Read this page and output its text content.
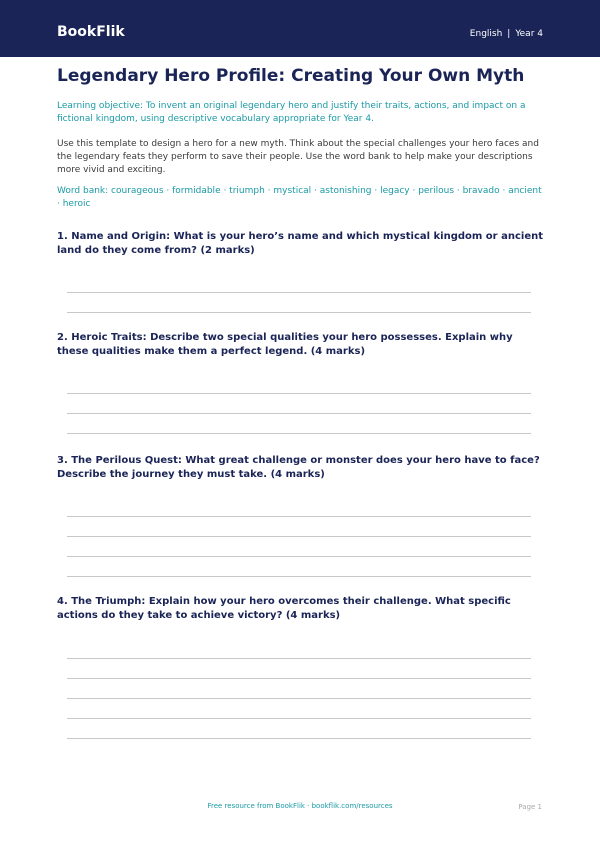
BookFlik	English | Year 4
Legendary Hero Profile: Creating Your Own Myth
Learning objective: To invent an original legendary hero and justify their traits, actions, and impact on a fictional kingdom, using descriptive vocabulary appropriate for Year 4.
Use this template to design a hero for a new myth. Think about the special challenges your hero faces and the legendary feats they perform to save their people. Use the word bank to help make your descriptions more vivid and exciting.
Word bank: courageous · formidable · triumph · mystical · astonishing · legacy · perilous · bravado · ancient · heroic
1. Name and Origin: What is your hero’s name and which mystical kingdom or ancient land do they come from? (2 marks)
2. Heroic Traits: Describe two special qualities your hero possesses. Explain why these qualities make them a perfect legend. (4 marks)
3. The Perilous Quest: What great challenge or monster does your hero have to face? Describe the journey they must take. (4 marks)
4. The Triumph: Explain how your hero overcomes their challenge. What specific actions do they take to achieve victory? (4 marks)
Free resource from BookFlik · bookflik.com/resources	Page 1
